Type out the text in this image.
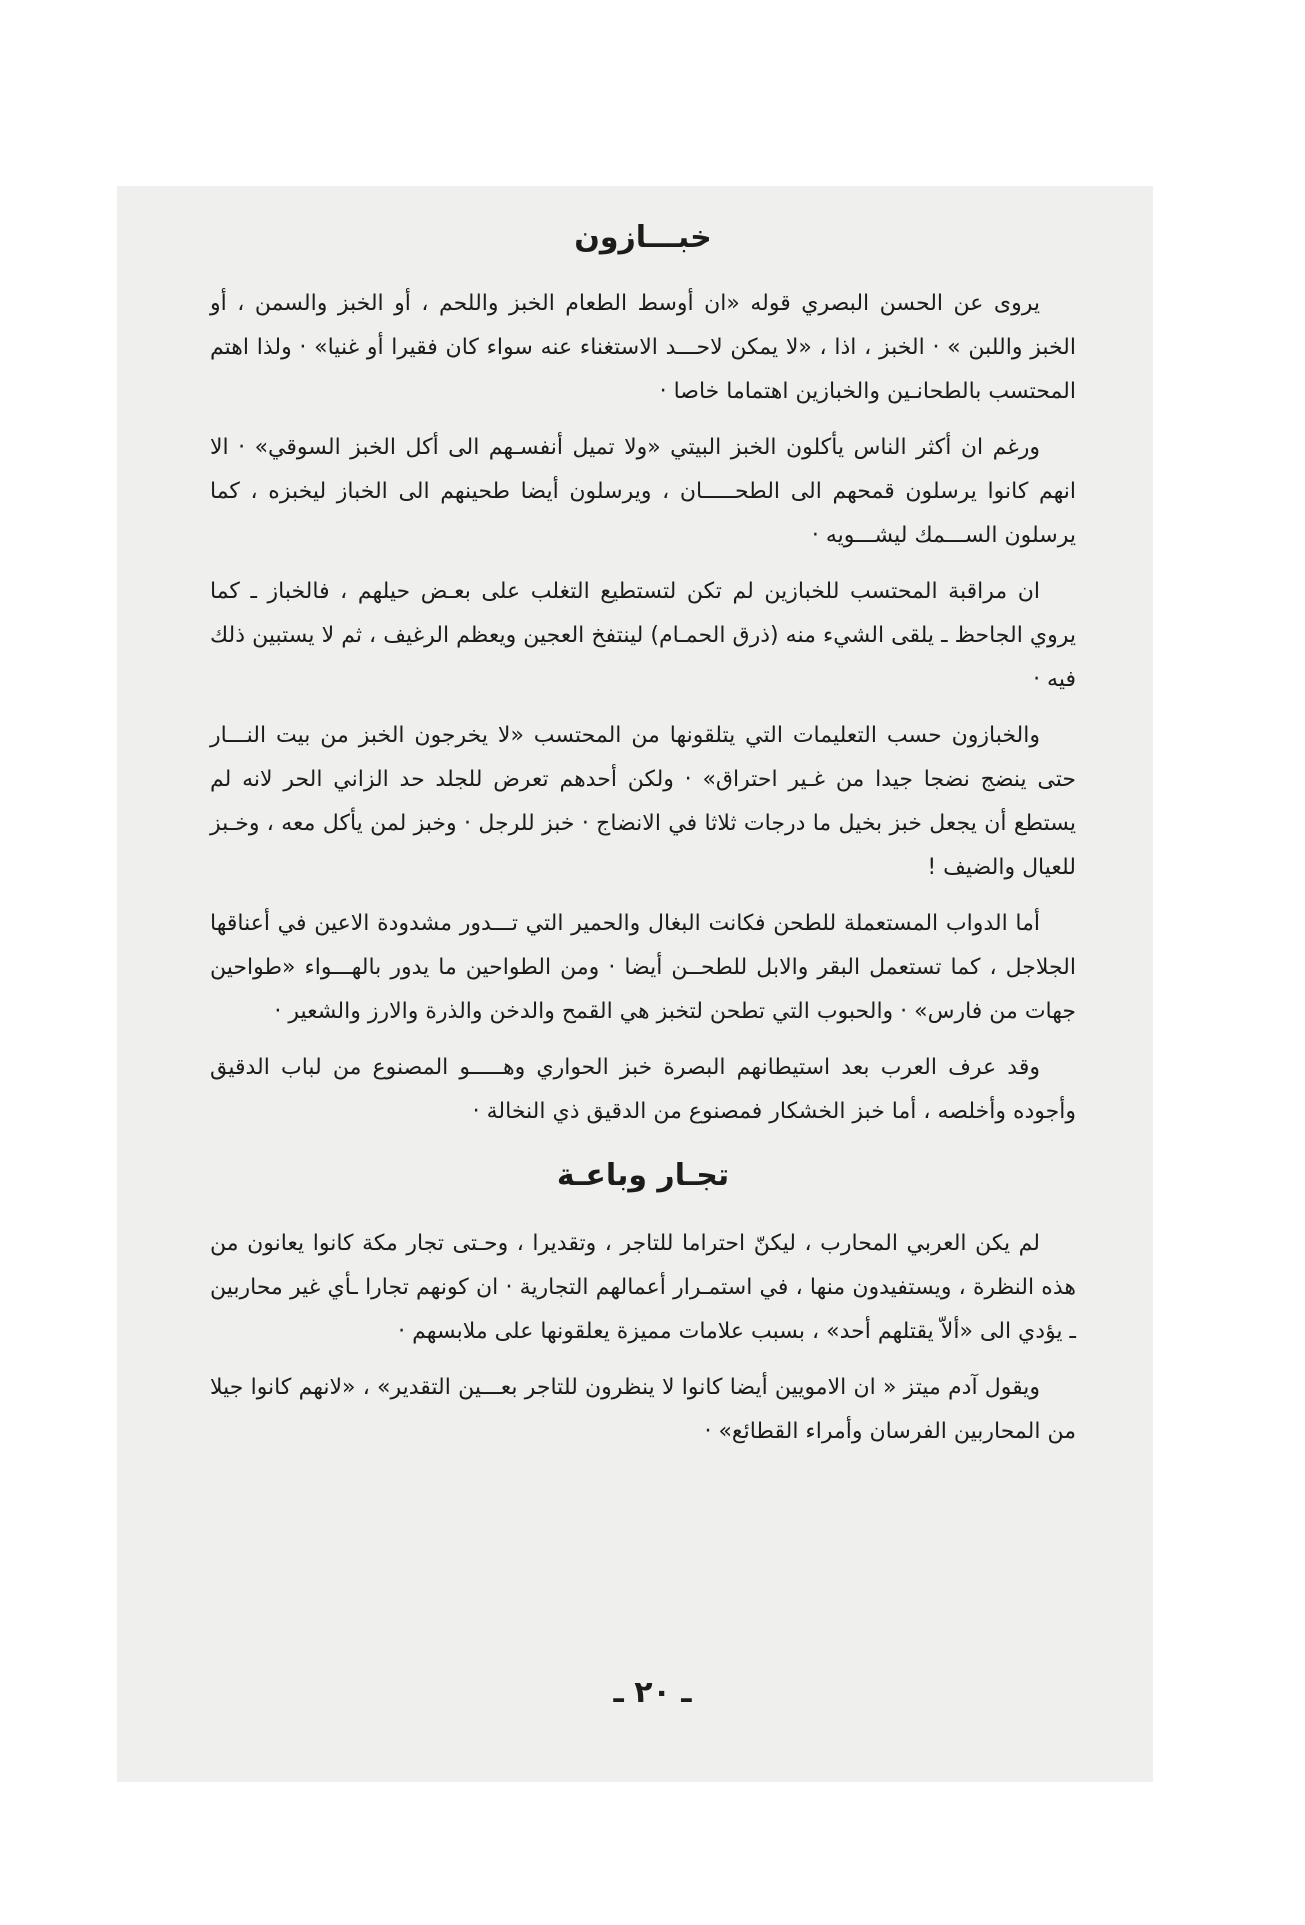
خبـــازون

يروى عن الحسن البصري قوله «ان أوسط الطعام الخبز واللحم ، أو الخبز والسمن ، أو الخبز واللبن » · الخبز ، اذا ، «لا يمكن لاحـــد الاستغناء عنه سواء كان فقيرا أو غنيا» · ولذا اهتم المحتسب بالطحانـين والخبازين اهتماما خاصا ·

ورغم ان أكثر الناس يأكلون الخبز البيتي «ولا تميل أنفسـهم الى أكل الخبز السوقي» · الا انهم كانوا يرسلون قمحهم الى الطحـــــان ، ويرسلون أيضا طحينهم الى الخباز ليخبزه ، كما يرسلون الســـمك ليشـــويه ·

ان مراقبة المحتسب للخبازين لم تكن لتستطيع التغلب على بعـض حيلهم ، فالخباز ـ كما يروي الجاحظ ـ يلقى الشيء منه (ذرق الحمـام) لينتفخ العجين ويعظم الرغيف ، ثم لا يستبين ذلك فيه ·

والخبازون حسب التعليمات التي يتلقونها من المحتسب «لا يخرجون الخبز من بيت النـــار حتى ينضج نضجا جيدا من غـير احتراق» · ولكن أحدهم تعرض للجلد حد الزاني الحر لانه لم يستطع أن يجعل خبز بخيل ما درجات ثلاثا في الانضاج · خبز للرجل · وخبز لمن يأكل معه ، وخـبز للعيال والضيف !

أما الدواب المستعملة للطحن فكانت البغال والحمير التي تـــدور مشدودة الاعين في أعناقها الجلاجل ، كما تستعمل البقر والابل للطحــن أيضا · ومن الطواحين ما يدور بالهـــواء «طواحين جهات من فارس» · والحبوب التي تطحن لتخبز هي القمح والدخن والذرة والارز والشعير ·

وقد عرف العرب بعد استيطانهم البصرة خبز الحواري وهـــــو المصنوع من لباب الدقيق وأجوده وأخلصه ، أما خبز الخشكار فمصنوع من الدقيق ذي النخالة ·

تجـار وباعـة

لم يكن العربي المحارب ، ليكنّ احتراما للتاجر ، وتقديرا ، وحـتى تجار مكة كانوا يعانون من هذه النظرة ، ويستفيدون منها ، في استمـرار أعمالهم التجارية · ان كونهم تجارا ـأي غير محاربين ـ يؤدي الى «ألاّ يقتلهم أحد» ، بسبب علامات مميزة يعلقونها على ملابسهم ·

ويقول آدم ميتز « ان الامويين أيضا كانوا لا ينظرون للتاجر بعـــين التقدير» ، «لانهم كانوا جيلا من المحاربين الفرسان وأمراء القطائع» ·

ـ ٢٠ ـ
